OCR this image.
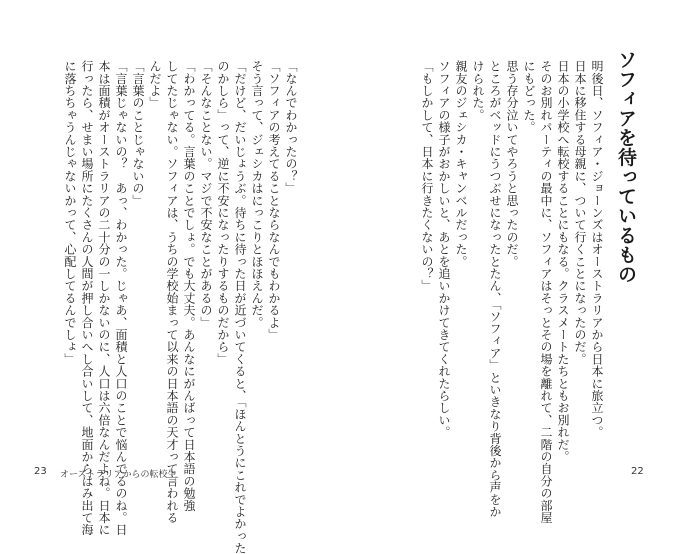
ソフィアを待っているもの
明後日、ソフィア・ジョーンズはオーストラリアから日本に旅立つ。
日本に移住する母親に、ついて行くことになったのだ。
日本の小学校へ転校することにもなる。クラスメートたちともお別れだ。
そのお別れパーティの最中に、ソフィアはそっとその場を離れて、二階の自分の部屋
にもどった。
思う存分泣いてやろうと思ったのだ。
ところがベッドにうつぶせになったとたん、「ソフィア」といきなり背後から声をか
けられた。
親友のジェシカ・キャンベルだった。
ソフィアの様子がおかしいと、あとを追いかけてきてくれたらしい。
「もしかして、日本に行きたくないの？」
「なんでわかったの？」
「ソフィアの考えてることならなんでもわかるよ」
そう言って、ジェシカはにっこりとほほえんだ。
「だけど、だいじょうぶ。待ちに待った日が近づいてくると、「ほんとうにこれでよかった
のかしら」って、逆に不安になったりするものだから」
「そんなことない。マジで不安なことがあるの」
「わかってる。言葉のことでしょ。でも大丈夫。あんなにがんばって日本語の勉強
してたじゃない。ソフィアは、うちの学校始まって以来の日本語の天才って言われる
んだよ」
「言葉のことじゃないの」
「言葉じゃないの？　あっ、わかった。じゃあ、面積と人口のことで悩んでるのね。日
本は面積がオーストラリアの二十分の一しかないのに、人口は六倍なんだよね。日本に
行ったら、せまい場所にたくさんの人間が押し合いへし合いして、地面からはみ出て海
に落ちちゃうんじゃないかって、心配してるんでしょ」
23 オーストラリアからの転校生	22
